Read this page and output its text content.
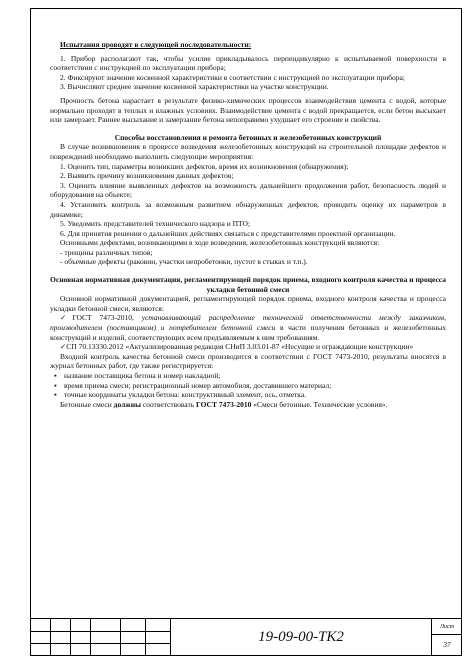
Испытания проводят в следующей последовательности:

1. Прибор располагают так, чтобы усилие прикладывалось перпендикулярно к испытываемой поверхности в соответствии с инструкцией по эксплуатации прибора;

2. Фиксируют значение косвенной характеристики в соответствии с инструкцией по эксплуатации прибора;

3. Вычисляют среднее значение косвенной характеристики на участке конструкции.

Прочность бетона нарастает в результате физико-химических процессов взаимодействия цемента с водой, которые нормально проходят в теплых и влажных условиях. Взаимодействие цемента с водой прекращается, если бетон высыхает или замерзает. Раннее высыхание и замерзание бетона непоправимо ухудшает его строение и свойства.

Способы восстановления и ремонта бетонных и железобетонных конструкций

В случае возникновения в процессе возведения железобетонных конструкций на строительной площадке дефектов и повреждений необходимо выполнить следующие мероприятия:

1. Оценить тип, параметры возникших дефектов, время их возникновения (обнаружения);

2. Выявить причину возникновения данных дефектов;

3. Оценить влияние выявленных дефектов на возможность дальнейшего продолжения работ, безопасность людей и оборудования на объекте;

4. Установить контроль за возможным развитием обнаруженных дефектов, проводить оценку их параметров в динамике;

5. Уведомить представителей технического надзора и ПТО;

6. Для принятия решения о дальнейших действиях связаться с представителями проектной организации.

Основными дефектами, возникающими в ходе возведения, железобетонных конструкций являются:

- трещины различных типов;

- объемные дефекты (раковин, участки непробетонки, пустот в стыках и т.п.).

Основная нормативная документация, регламентирующей порядок приема, входного контроля качества и процесса укладки бетонной смеси

Основной нормативной документацией, регламентирующей порядок приема, входного контроля качества и процесса укладки бетонной смеси, являются:

✓ ГОСТ 7473-2010, устанавливающий распределение технической ответственности между заказчиком, производителем (поставщиком) и потребителем бетонной смеси в части получения бетонных и железобетонных конструкций и изделий, соответствующих всем предъявляемым к ним требованиям.

✓ СП 70.13330.2012 «Актуализированная редакция СНиП 3.03.01-87 «Несущие и ограждающие конструкции»

Входной контроль качества бетонной смеси производится в соответствии с ГОСТ 7473-2010, результаты вносятся в журнал бетонных работ, где также регистрируется:

▪ название поставщика бетона и номер накладной;

▪ время приема смеси; регистрационный номер автомобиля, доставившего материал;

▪ точные координаты укладки бетона: конструктивный элемент, ось, отметка.

Бетонные смеси должны соответствовать ГОСТ 7473-2010 «Смеси бетонные. Технические условия».

19-09-00-ТК2
Лист
37
